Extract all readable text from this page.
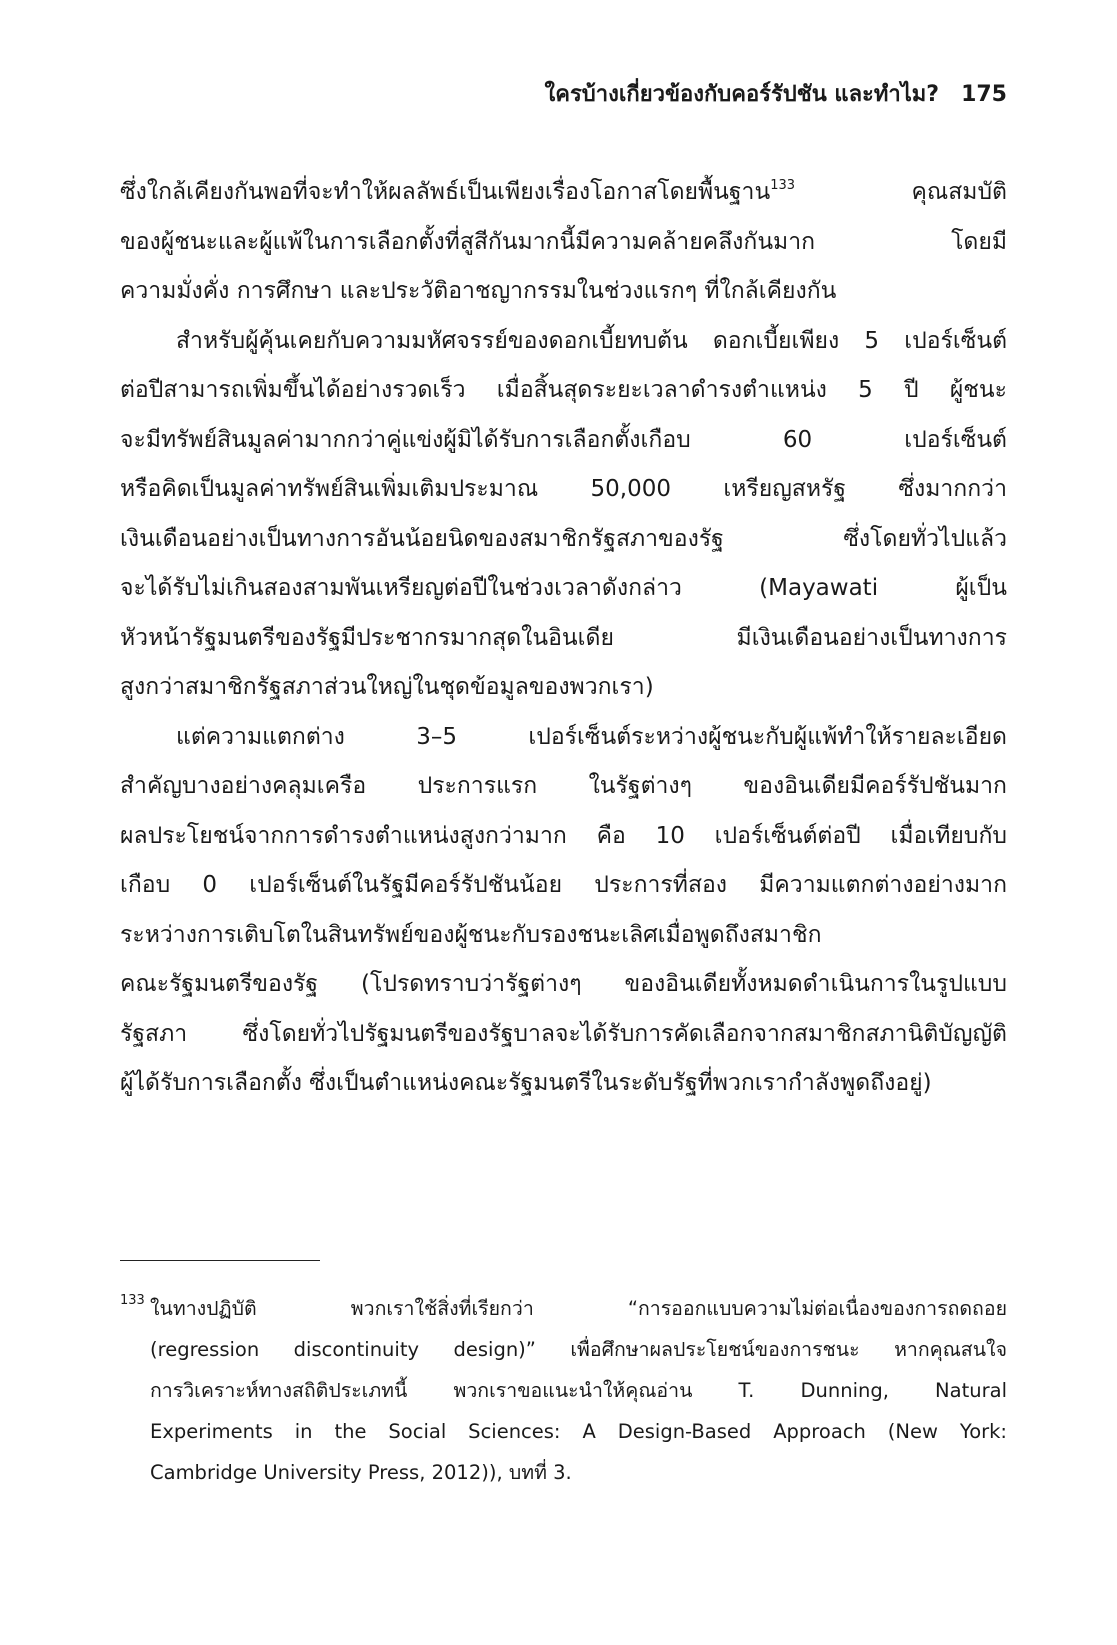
ใครบ้างเกี่ยวข้องกับคอร์รัปชัน และทำไม? 175
ซึ่งใกล้เคียงกันพอที่จะทำให้ผลลัพธ์เป็นเพียงเรื่องโอกาสโดยพื้นฐาน$^{133}$ คุณสมบัติ
ของผู้ชนะและผู้แพ้ในการเลือกตั้งที่สูสีกันมากนี้มีความคล้ายคลึงกันมาก โดยมี
ความมั่งคั่ง การศึกษา และประวัติอาชญากรรมในช่วงแรกๆ ที่ใกล้เคียงกัน
สำหรับผู้คุ้นเคยกับความมหัศจรรย์ของดอกเบี้ยทบต้น ดอกเบี้ยเพียง 5 เปอร์เซ็นต์
ต่อปีสามารถเพิ่มขึ้นได้อย่างรวดเร็ว เมื่อสิ้นสุดระยะเวลาดำรงตำแหน่ง 5 ปี ผู้ชนะ
จะมีทรัพย์สินมูลค่ามากกว่าคู่แข่งผู้มิได้รับการเลือกตั้งเกือบ 60 เปอร์เซ็นต์
หรือคิดเป็นมูลค่าทรัพย์สินเพิ่มเติมประมาณ 50,000 เหรียญสหรัฐ ซึ่งมากกว่า
เงินเดือนอย่างเป็นทางการอันน้อยนิดของสมาชิกรัฐสภาของรัฐ ซึ่งโดยทั่วไปแล้ว
จะได้รับไม่เกินสองสามพันเหรียญต่อปีในช่วงเวลาดังกล่าว (Mayawati ผู้เป็น
หัวหน้ารัฐมนตรีของรัฐมีประชากรมากสุดในอินเดีย มีเงินเดือนอย่างเป็นทางการ
สูงกว่าสมาชิกรัฐสภาส่วนใหญ่ในชุดข้อมูลของพวกเรา)
แต่ความแตกต่าง 3–5 เปอร์เซ็นต์ระหว่างผู้ชนะกับผู้แพ้ทำให้รายละเอียด
สำคัญบางอย่างคลุมเครือ ประการแรก ในรัฐต่างๆ ของอินเดียมีคอร์รัปชันมาก
ผลประโยชน์จากการดำรงตำแหน่งสูงกว่ามาก คือ 10 เปอร์เซ็นต์ต่อปี เมื่อเทียบกับ
เกือบ 0 เปอร์เซ็นต์ในรัฐมีคอร์รัปชันน้อย ประการที่สอง มีความแตกต่างอย่างมาก
ระหว่างการเติบโตในสินทรัพย์ของผู้ชนะกับรองชนะเลิศเมื่อพูดถึงสมาชิก
คณะรัฐมนตรีของรัฐ (โปรดทราบว่ารัฐต่างๆ ของอินเดียทั้งหมดดำเนินการในรูปแบบ
รัฐสภา ซึ่งโดยทั่วไปรัฐมนตรีของรัฐบาลจะได้รับการคัดเลือกจากสมาชิกสภานิติบัญญัติ
ผู้ได้รับการเลือกตั้ง ซึ่งเป็นตำแหน่งคณะรัฐมนตรีในระดับรัฐที่พวกเรากำลังพูดถึงอยู่)
133 ในทางปฏิบัติ พวกเราใช้สิ่งที่เรียกว่า “การออกแบบความไม่ต่อเนื่องของการถดถอย
(regression discontinuity design)” เพื่อศึกษาผลประโยชน์ของการชนะ หากคุณสนใจ
การวิเคราะห์ทางสถิติประเภทนี้ พวกเราขอแนะนำให้คุณอ่าน T. Dunning, Natural
Experiments in the Social Sciences: A Design-Based Approach (New York:
Cambridge University Press, 2012)), บทที่ 3.
